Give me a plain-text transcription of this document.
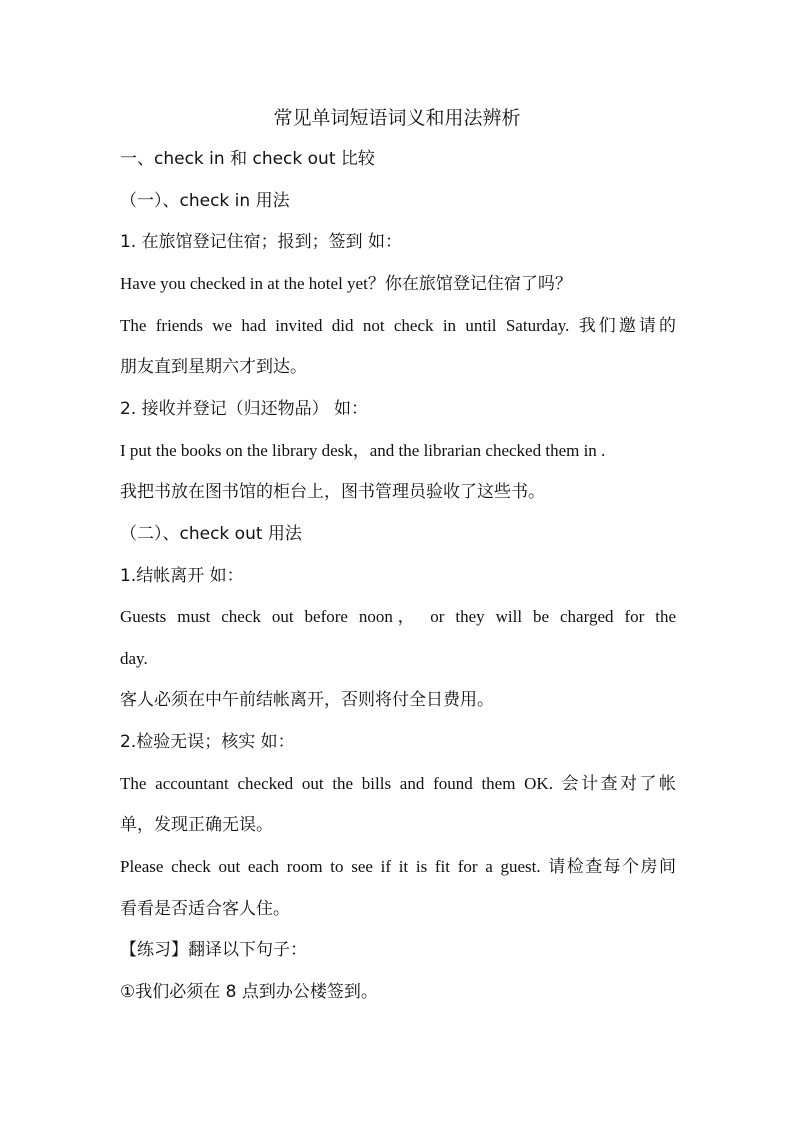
常见单词短语词义和用法辨析
一、check in 和 check out 比较
（一）、check in 用法
1. 在旅馆登记住宿；报到；签到 如：
Have you checked in at the hotel yet？你在旅馆登记住宿了吗？
The friends we had invited did not check in until Saturday. 我们邀请的
朋友直到星期六才到达。
2. 接收并登记（归还物品） 如：
I put the books on the library desk，and the librarian checked them in .
我把书放在图书馆的柜台上，图书管理员验收了这些书。
（二）、check out 用法
1.结帐离开 如：
Guests must check out before noon， or they will be charged for the
day.
客人必须在中午前结帐离开，否则将付全日费用。
2.检验无误；核实 如：
The accountant checked out the bills and found them OK. 会计查对了帐
单，发现正确无误。
Please check out each room to see if it is fit for a guest. 请检查每个房间
看看是否适合客人住。
【练习】翻译以下句子：
①我们必须在 8 点到办公楼签到。
